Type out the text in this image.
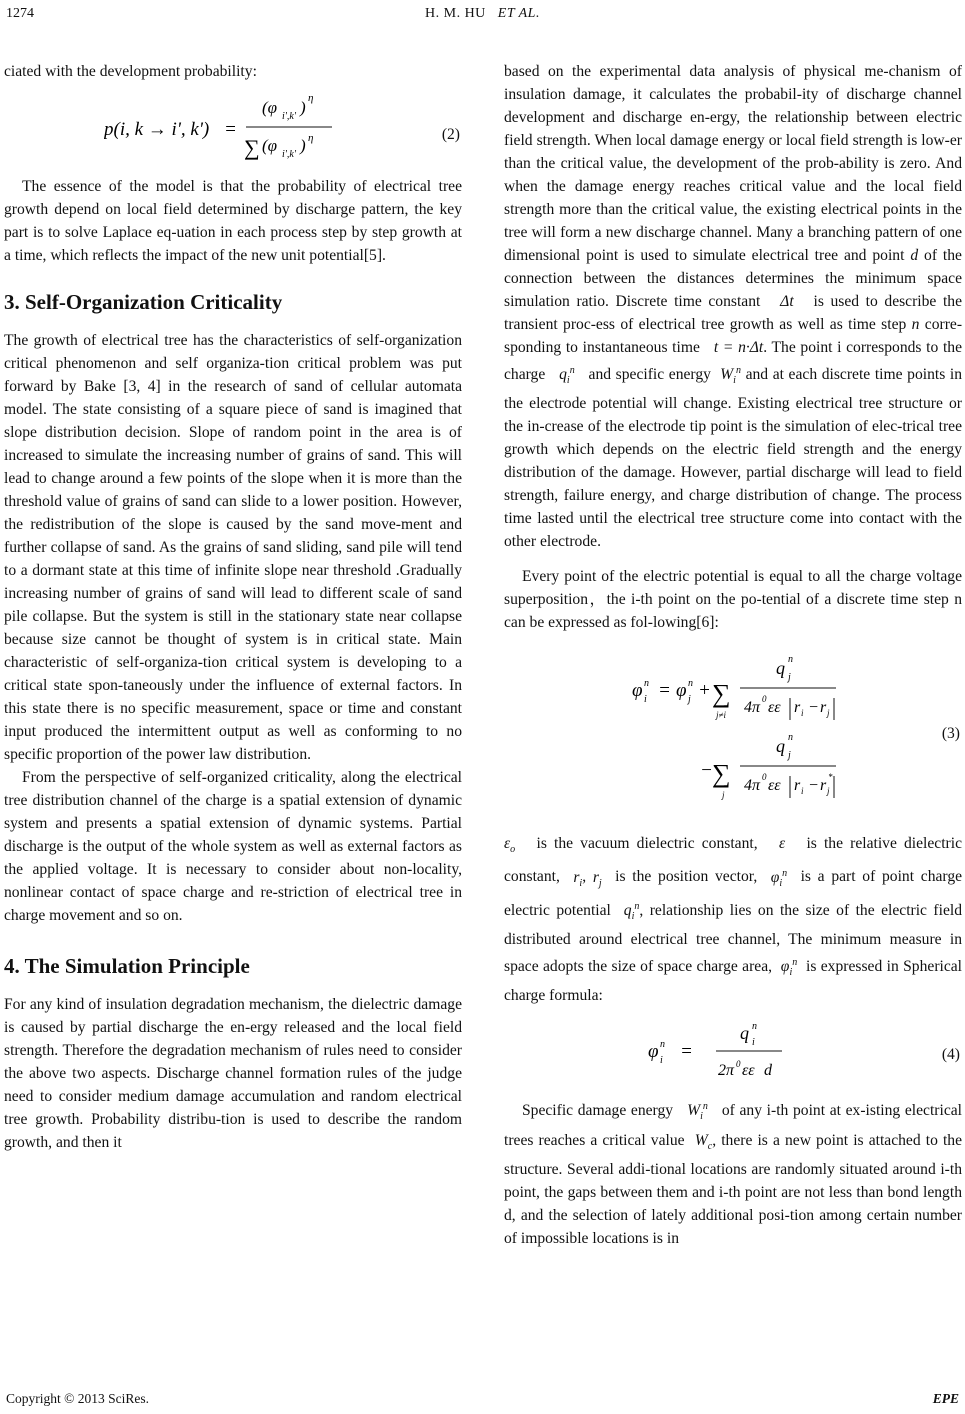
1274	H. M. HU ET AL.

ciated with the development probability:

p(i, k → i', k') =
(φ i',k' ) η
∑ (φ i',k' ) η	(2)

The essence of the model is that the probability of electrical tree growth depend on local field determined by discharge pattern, the key part is to solve Laplace eq-uation in each process step by step growth at a time, which reflects the impact of the new unit potential[5].

3. Self-Organization Criticality

The growth of electrical tree has the characteristics of self-organization critical phenomenon and self organiza-tion critical problem was put forward by Bake [3, 4] in the research of sand of cellular automata model. The state consisting of a square piece of sand is imagined that slope distribution decision. Slope of random point in the area is of increased to simulate the increasing number of grains of sand. This will lead to change around a few points of the slope when it is more than the threshold value of grains of sand can slide to a lower position. However, the redistribution of the slope is caused by the sand move-ment and further collapse of sand. As the grains of sand sliding, sand pile will tend to a dormant state at this time of infinite slope near threshold .Gradually increasing number of grains of sand will lead to different scale of sand pile collapse. But the system is still in the stationary state near collapse because size cannot be thought of system is in critical state. Main characteristic of self-organiza-tion critical system is developing to a critical state spon-taneously under the influence of external factors. In this state there is no specific measurement, space or time and constant input produced the intermittent output as well as conforming to no specific proportion of the power law distribution.

From the perspective of self-organized criticality, along the electrical tree distribution channel of the charge is a spatial extension of dynamic system and presents a spatial extension of dynamic systems. Partial discharge is the output of the whole system as well as external factors as the applied voltage. It is necessary to consider about non-locality, nonlinear contact of space charge and re-striction of electrical tree in charge movement and so on.

4. The Simulation Principle

For any kind of insulation degradation mechanism, the dielectric damage is caused by partial discharge the en-ergy released and the local field strength. Therefore the degradation mechanism of rules need to consider the above two aspects. Discharge channel formation rules of the judge need to consider medium damage accumulation and random electrical tree growth. Probability distribu-tion is used to describe the random growth, and then it

based on the experimental data analysis of physical me-chanism of insulation damage, it calculates the probabil-ity of discharge channel development and discharge en-ergy, the relationship between electric field strength. When local damage energy or local field strength is low-er than the critical value, the development of the prob-ability is zero. And when the damage energy reaches critical value and the local field strength more than the critical value, the existing electrical points in the tree will form a new discharge channel. Many a branching pattern of one dimensional point is used to simulate electrical tree and point d of the connection between the distances determines the minimum space simulation ratio. Discrete time constant Δt is used to describe the transient proc-ess of electrical tree growth as well as time step n corre-sponding to instantaneous time t = n·Δt. The point i corresponds to the charge $q_i^n$ and specific energy $W_i^n$ and at each discrete time points in the electrode potential will change. Existing electrical tree structure or the in-crease of the electrode tip point is the simulation of elec-trical tree growth which depends on the electric field strength and the energy distribution of the damage. However, partial discharge will lead to field strength, failure energy, and charge distribution of change. The process time lasted until the electrical tree structure come into contact with the other electrode.

Every point of the electric potential is equal to all the charge voltage superposition，the i-th point on the po-tential of a discrete time step n can be expressed as fol-lowing[6]:

φ i
n = φ j
n + ∑
j≠i
q n
j
4π εε
0 r i − r j
− ∑
j
q n
j
4π εε
0 r i − r j
*
(3)

$\varepsilon_o$ is the vacuum dielectric constant, ε is the relative dielectric constant, $r_i$, $r_j$ is the position vector, $\varphi_i^n$ is a part of point charge electric potential $q_i^n$, relationship lies on the size of the electric field distributed around electrical tree channel, The minimum measure in space adopts the size of space charge area, $\varphi_i^n$ is expressed in Spherical charge formula:

φ i
n =
q n
i
2π εε
0 d
(4)

Specific damage energy $W_i^n$ of any i-th point at ex-isting electrical trees reaches a critical value $W_c$, there is a new point is attached to the structure. Several addi-tional locations are randomly situated around i-th point, the gaps between them and i-th point are not less than bond length d, and the selection of lately additional posi-tion among certain number of impossible locations is in

Copyright © 2013 SciRes.	EPE
